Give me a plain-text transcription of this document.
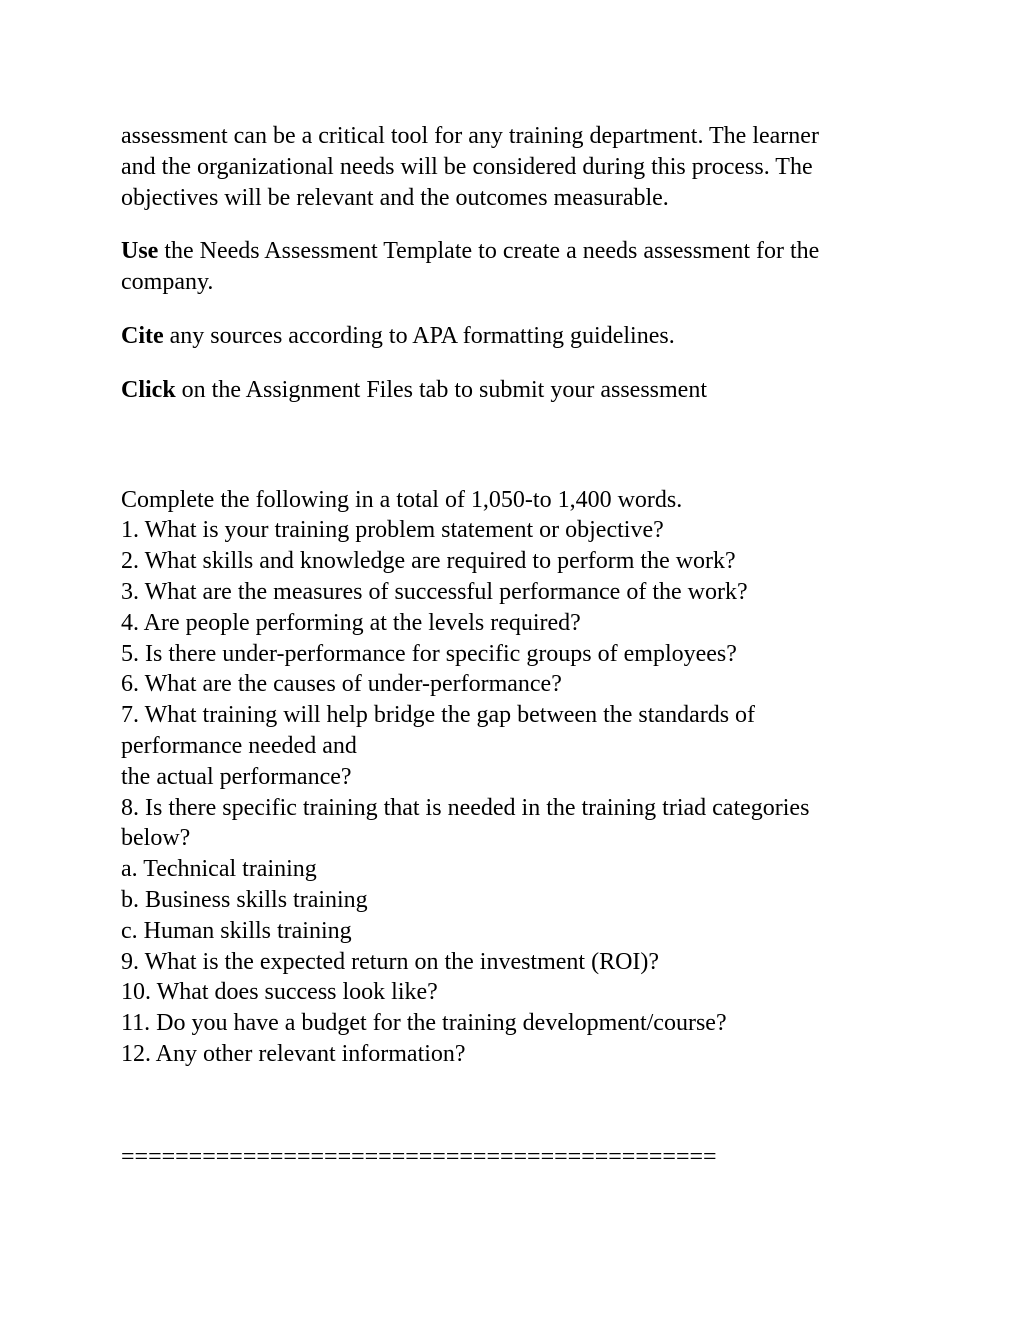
assessment can be a critical tool for any training department. The learner
and the organizational needs will be considered during this process. The
objectives will be relevant and the outcomes measurable.

Use the Needs Assessment Template to create a needs assessment for the
company.

Cite any sources according to APA formatting guidelines.

Click on the Assignment Files tab to submit your assessment

Complete the following in a total of 1,050-to 1,400 words.
1. What is your training problem statement or objective?
2. What skills and knowledge are required to perform the work?
3. What are the measures of successful performance of the work?
4. Are people performing at the levels required?
5. Is there under-performance for specific groups of employees?
6. What are the causes of under-performance?
7. What training will help bridge the gap between the standards of
performance needed and
the actual performance?
8. Is there specific training that is needed in the training triad categories
below?
a. Technical training
b. Business skills training
c. Human skills training
9. What is the expected return on the investment (ROI)?
10. What does success look like?
11. Do you have a budget for the training development/course?
12. Any other relevant information?
============================================
